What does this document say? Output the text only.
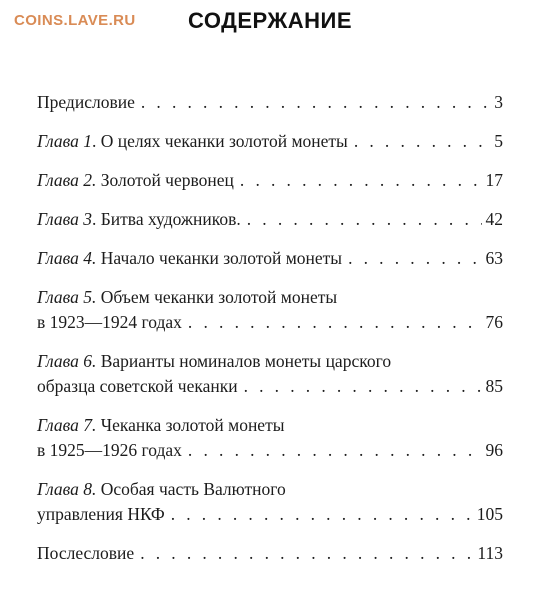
COINS.LAVE.RU СОДЕРЖАНИЕ
Предисловие . . .	3
Глава 1. О целях чеканки золотой монеты . . .	5
Глава 2. Золотой червонец . . .	17
Глава 3. Битва художников. . . .	42
Глава 4. Начало чеканки золотой монеты . . .	63
Глава 5. Объем чеканки золотой монеты
в 1923—1924 годах . . .	76
Глава 6. Варианты номиналов монеты царского
образца советской чеканки . . .	85
Глава 7. Чеканка золотой монеты
в 1925—1926 годах . . .	96
Глава 8. Особая часть Валютного
управления НКФ . . .	105
Послесловие . . .	113
